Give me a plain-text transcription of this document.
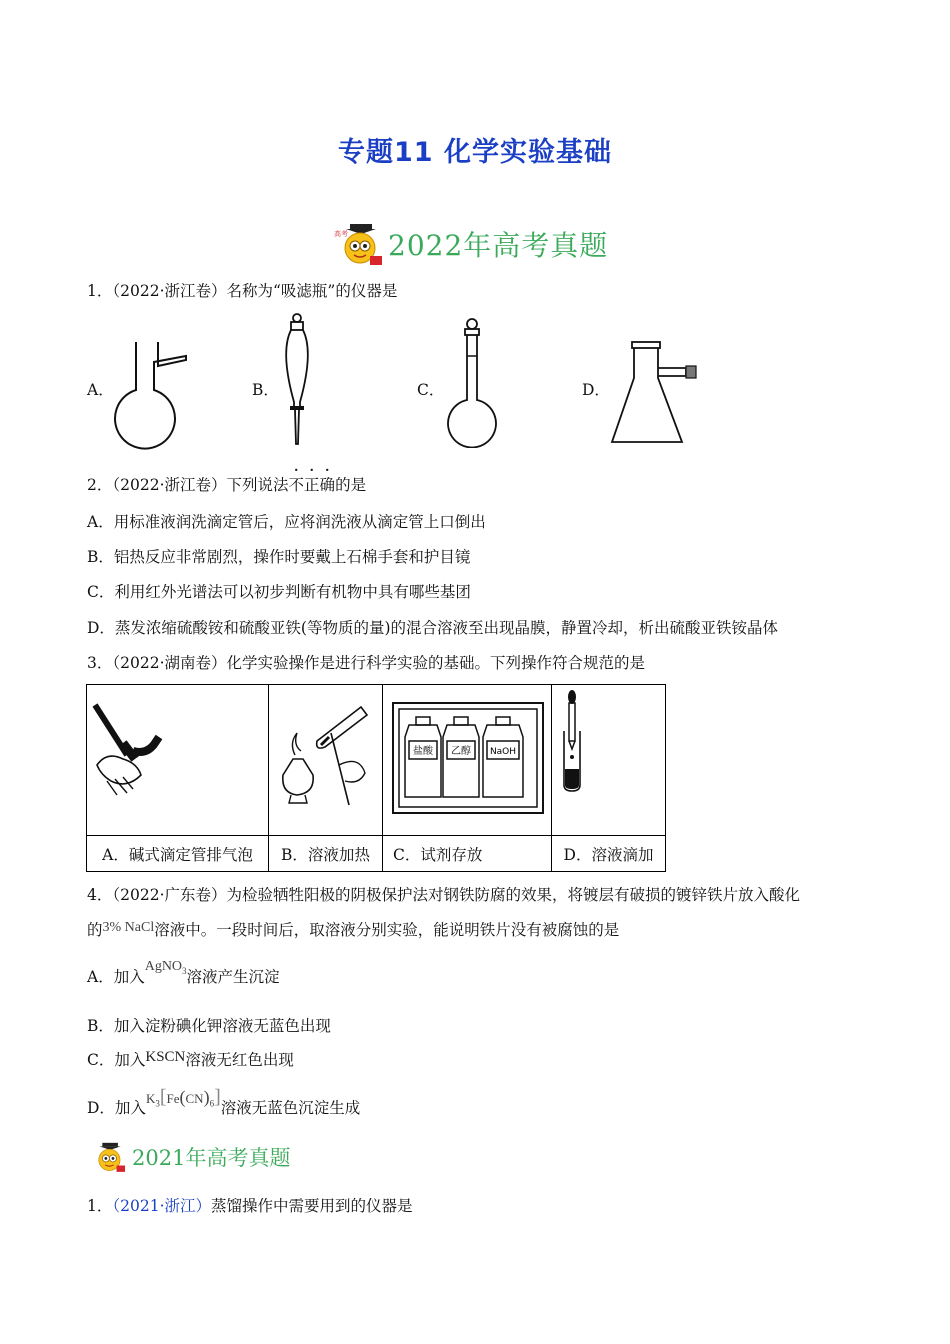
专题11 化学实验基础
高考 2022年高考真题
1．（2022·浙江卷）名称为“吸滤瓶”的仪器是
A．	B．	C．	D．
2．（2022·浙江卷）下列说法不正确的是
A．用标准液润洗滴定管后，应将润洗液从滴定管上口倒出
B．铝热反应非常剧烈，操作时要戴上石棉手套和护目镜
C．利用红外光谱法可以初步判断有机物中具有哪些基团
D．蒸发浓缩硫酸铵和硫酸亚铁(等物质的量)的混合溶液至出现晶膜，静置冷却，析出硫酸亚铁铵晶体
3．（2022·湖南卷）化学实验操作是进行科学实验的基础。下列操作符合规范的是

盐酸 乙醇 NaOH

A．碱式滴定管排气泡	B．溶液加热	C．试剂存放	D．溶液滴加
4．（2022·广东卷）为检验牺牲阳极的阴极保护法对钢铁防腐的效果，将镀层有破损的镀锌铁片放入酸化
的3% NaCl溶液中。一段时间后，取溶液分别实验，能说明铁片没有被腐蚀的是
A．加入AgNO$_3$溶液产生沉淀
B．加入淀粉碘化钾溶液无蓝色出现
C．加入KSCN溶液无红色出现
D．加入$^{K_3[Fe(CN)_6]}$溶液无蓝色沉淀生成
2021年高考真题
1．（2021·浙江）蒸馏操作中需要用到的仪器是
